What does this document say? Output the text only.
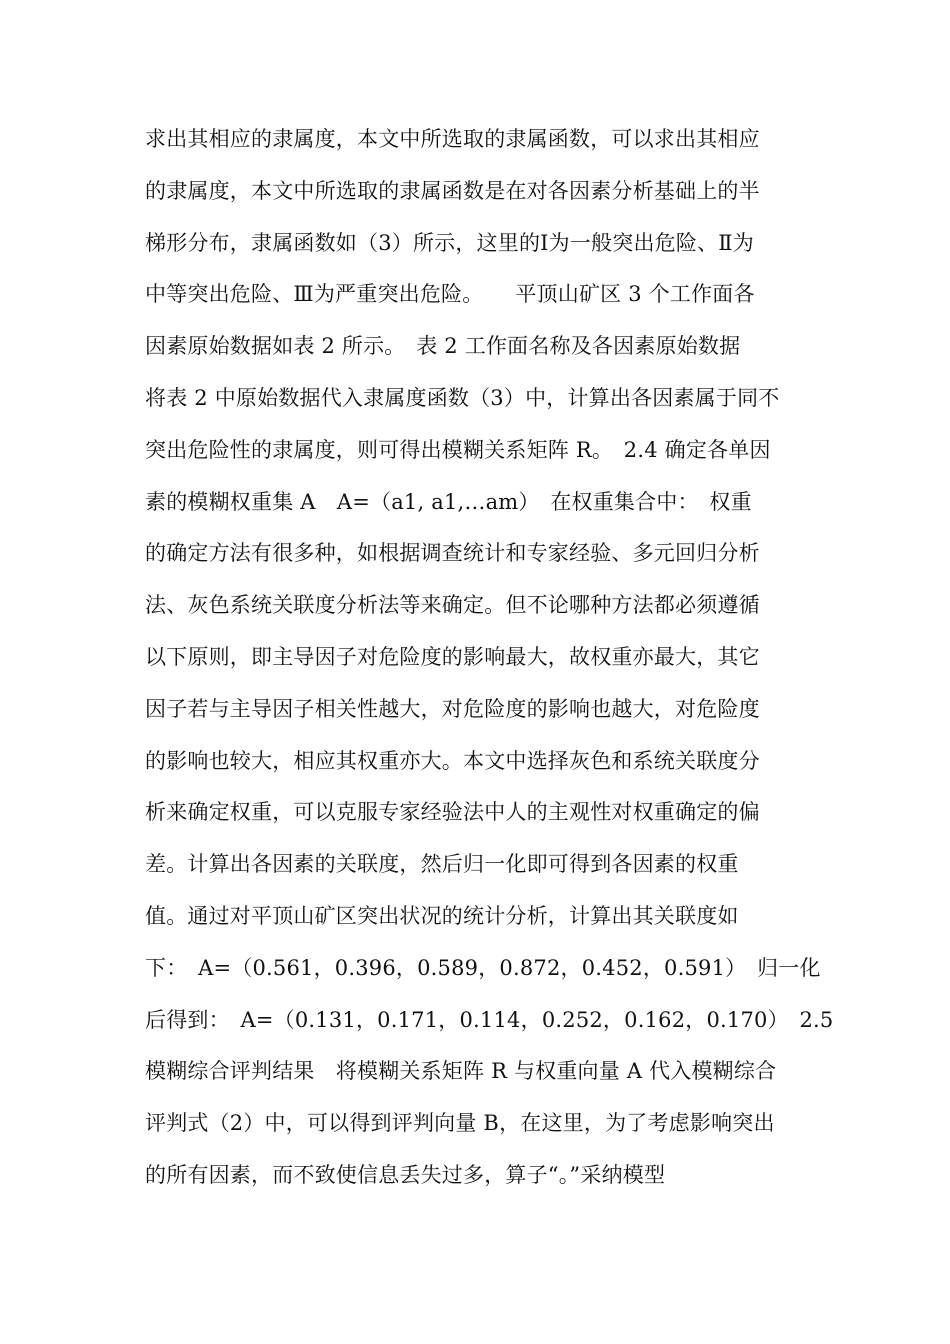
求出其相应的隶属度，本文中所选取的隶属函数，可以求出其相应
的隶属度，本文中所选取的隶属函数是在对各因素分析基础上的半
梯形分布，隶属函数如（3）所示，这里的Ⅰ为一般突出危险、Ⅱ为
中等突出危险、Ⅲ为严重突出危险。　　平顶山矿区 3 个工作面各
因素原始数据如表 2 所示。　表 2 工作面名称及各因素原始数据
将表 2 中原始数据代入隶属度函数（3）中，计算出各因素属于同不
突出危险性的隶属度，则可得出模糊关系矩阵 R。　2.4 确定各单因
素的模糊权重集 A　A=（a1, a1,…am）　在权重集合中：　权重
的确定方法有很多种，如根据调查统计和专家经验、多元回归分析
法、灰色系统关联度分析法等来确定。但不论哪种方法都必须遵循
以下原则，即主导因子对危险度的影响最大，故权重亦最大，其它
因子若与主导因子相关性越大，对危险度的影响也越大，对危险度
的影响也较大，相应其权重亦大。本文中选择灰色和系统关联度分
析来确定权重，可以克服专家经验法中人的主观性对权重确定的偏
差。计算出各因素的关联度，然后归一化即可得到各因素的权重
值。通过对平顶山矿区突出状况的统计分析，计算出其关联度如
下：　A=（0.561，0.396，0.589，0.872，0.452，0.591）　归一化
后得到：　A=（0.131，0.171，0.114，0.252，0.162，0.170）　2.5
模糊综合评判结果　将模糊关系矩阵 R 与权重向量 A 代入模糊综合
评判式（2）中，可以得到评判向量 B，在这里，为了考虑影响突出
的所有因素，而不致使信息丢失过多，算子“。”采纳模型
